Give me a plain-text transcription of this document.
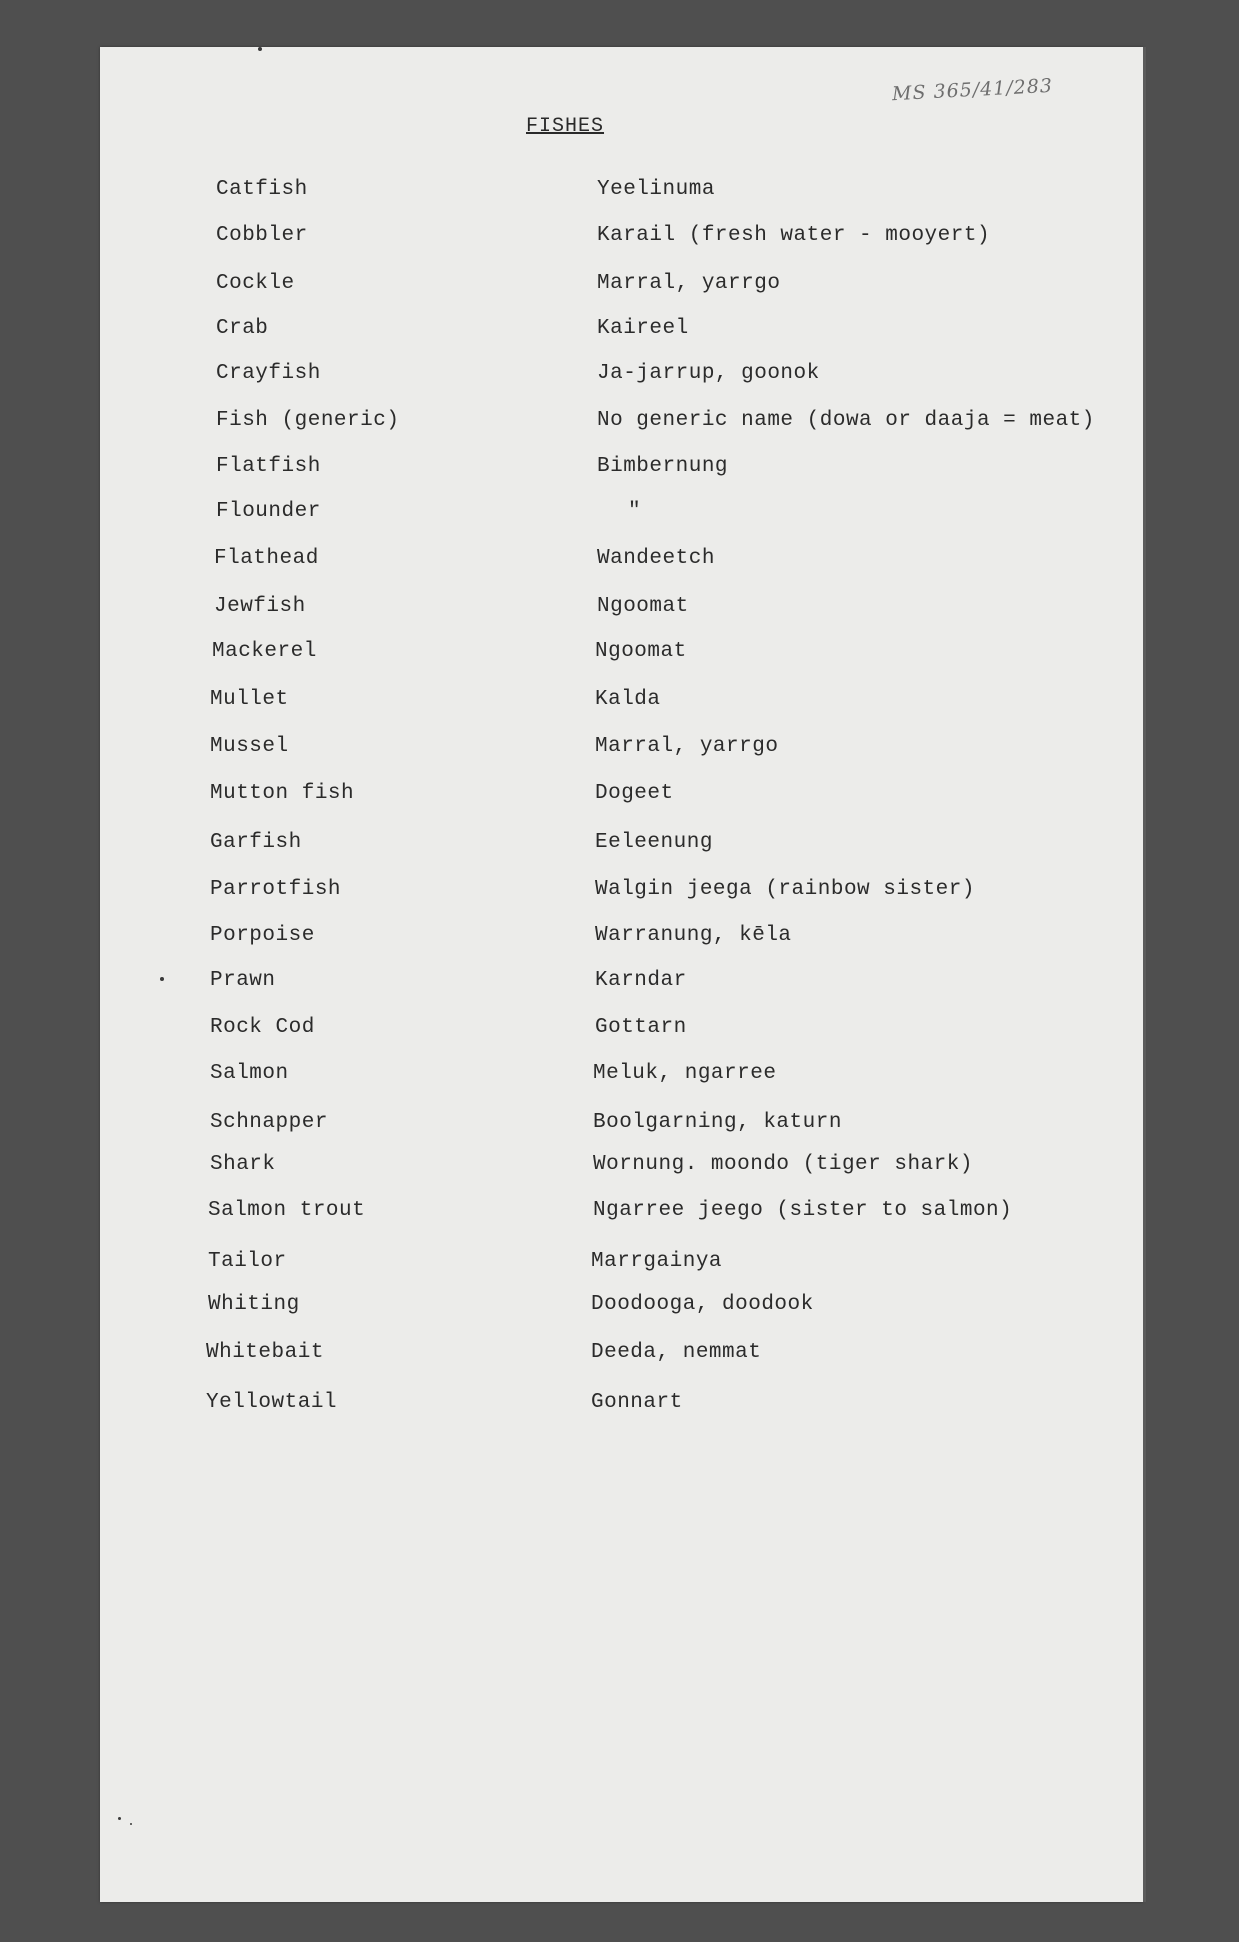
MS 365/41/283
FISHES
Catfish	Yeelinuma
Cobbler	Karail (fresh water - mooyert)
Cockle	Marral, yarrgo
Crab	Kaireel
Crayfish	Ja-jarrup, goonok
Fish (generic)	No generic name (dowa or daaja = meat)
Flatfish	Bimbernung
Flounder	"
Flathead	Wandeetch
Jewfish	Ngoomat
Mackerel	Ngoomat
Mullet	Kalda
Mussel	Marral, yarrgo
Mutton fish	Dogeet
Garfish	Eeleenung
Parrotfish	Walgin jeega (rainbow sister)
Porpoise	Warranung, kēla
Prawn	Karndar
Rock Cod	Gottarn
Salmon	Meluk, ngarree
Schnapper	Boolgarning, katurn
Shark	Wornung. moondo (tiger shark)
Salmon trout	Ngarree jeego (sister to salmon)
Tailor	Marrgainya
Whiting	Doodooga, doodook
Whitebait	Deeda, nemmat
Yellowtail	Gonnart
